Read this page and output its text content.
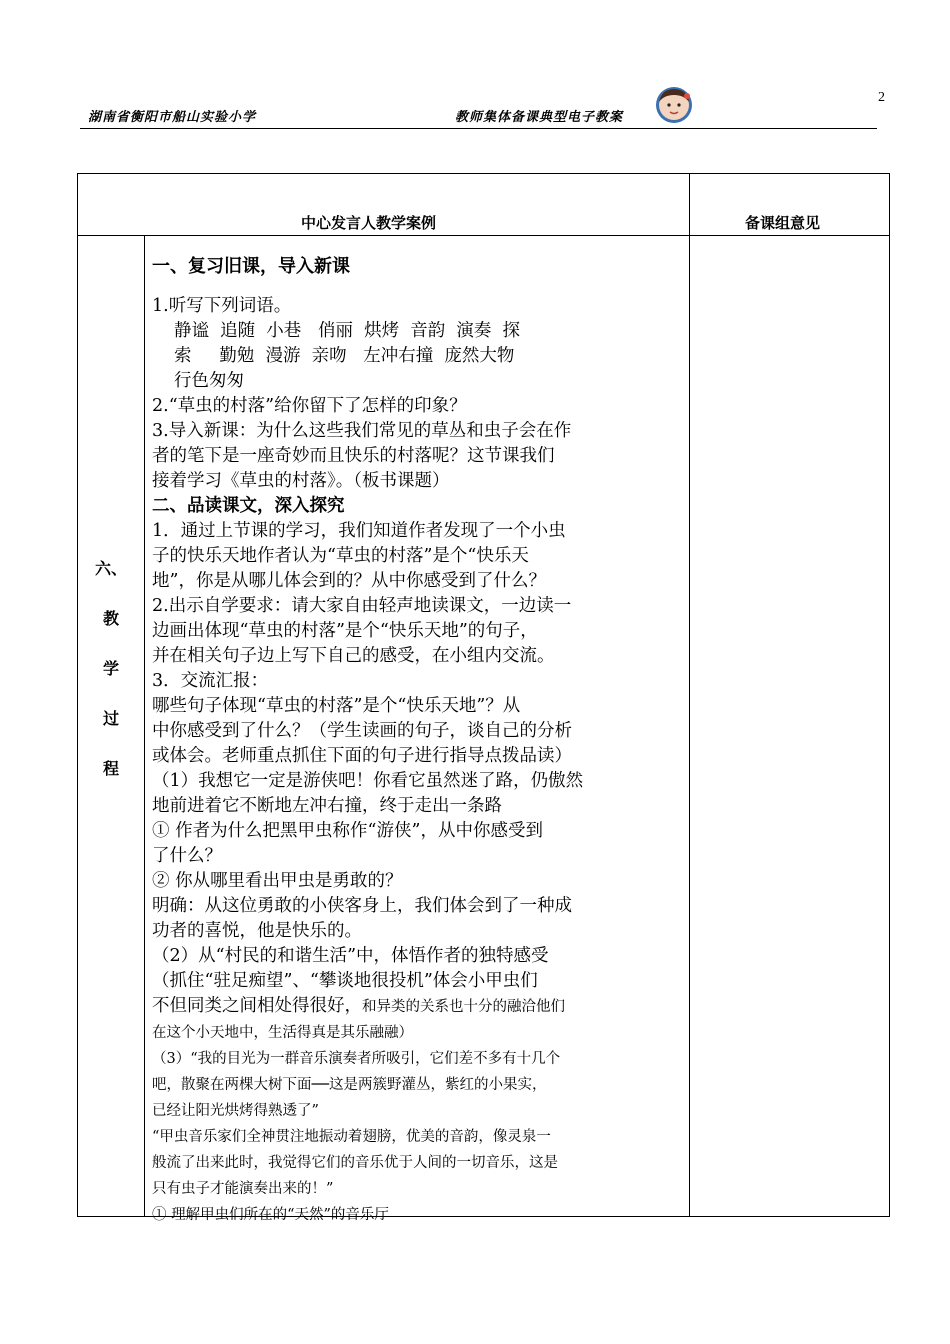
2
湖南省衡阳市船山实验小学	教师集体备课典型电子教案
中心发言人教学案例	备课组意见
六、
教
学
过
程
一、复习旧课，导入新课
1.听写下列词语。
静谧  追随  小巷   俏丽  烘烤  音韵  演奏  探
索     勤勉  漫游  亲吻   左冲右撞  庞然大物
行色匆匆
2.“草虫的村落”给你留下了怎样的印象？
3.导入新课：为什么这些我们常见的草丛和虫子会在作
者的笔下是一座奇妙而且快乐的村落呢？这节课我们
接着学习《草虫的村落》。（板书课题）
二、品读课文，深入探究
1．通过上节课的学习，我们知道作者发现了一个小虫
子的快乐天地作者认为“草虫的村落”是个“快乐天
地”，你是从哪儿体会到的？从中你感受到了什么？
2.出示自学要求：请大家自由轻声地读课文，一边读一
边画出体现“草虫的村落”是个“快乐天地”的句子，
并在相关句子边上写下自己的感受，在小组内交流。
3．交流汇报：
哪些句子体现“草虫的村落”是个“快乐天地”？从
中你感受到了什么？（学生读画的句子，谈自己的分析
或体会。老师重点抓住下面的句子进行指导点拨品读）
（1）我想它一定是游侠吧！你看它虽然迷了路，仍傲然
地前进着它不断地左冲右撞，终于走出一条路
① 作者为什么把黑甲虫称作“游侠”，从中你感受到
了什么？
② 你从哪里看出甲虫是勇敢的？
明确：从这位勇敢的小侠客身上，我们体会到了一种成
功者的喜悦，他是快乐的。
（2）从“村民的和谐生活”中，体悟作者的独特感受
（抓住“驻足痴望”、“攀谈地很投机”体会小甲虫们
不但同类之间相处得很好，和异类的关系也十分的融洽他们
在这个小天地中，生活得真是其乐融融）
（3）“我的目光为一群音乐演奏者所吸引，它们差不多有十几个
吧，散聚在两棵大树下面──这是两簇野灌丛，紫红的小果实，
已经让阳光烘烤得熟透了”
“甲虫音乐家们全神贯注地振动着翅膀，优美的音韵，像灵泉一
般流了出来此时，我觉得它们的音乐优于人间的一切音乐，这是
只有虫子才能演奏出来的！”
① 理解甲虫们所在的“天然”的音乐厅
